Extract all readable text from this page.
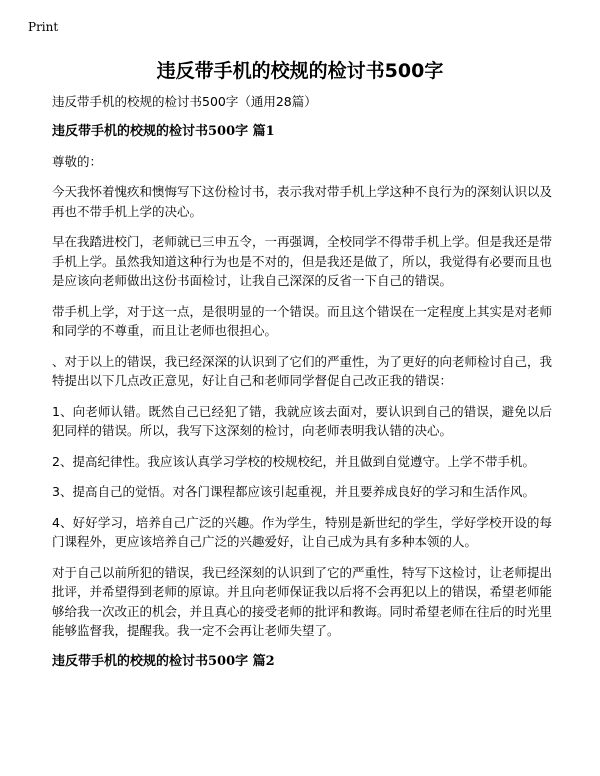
Print
违反带手机的校规的检讨书500字

违反带手机的校规的检讨书500字（通用28篇）

违反带手机的校规的检讨书500字 篇1

尊敬的：

今天我怀着愧疚和懊悔写下这份检讨书，表示我对带手机上学这种不良行为的深刻认识以及再也不带手机上学的决心。

早在我踏进校门，老师就已三申五令，一再强调，全校同学不得带手机上学。但是我还是带手机上学。虽然我知道这种行为也是不对的，但是我还是做了，所以，我觉得有必要而且也是应该向老师做出这份书面检讨，让我自己深深的反省一下自己的错误。

带手机上学，对于这一点，是很明显的一个错误。而且这个错误在一定程度上其实是对老师和同学的不尊重，而且让老师也很担心。

、对于以上的错误，我已经深深的认识到了它们的严重性，为了更好的向老师检讨自己，我特提出以下几点改正意见，好让自己和老师同学督促自己改正我的错误：

1、向老师认错。既然自己已经犯了错，我就应该去面对，要认识到自己的错误，避免以后犯同样的错误。所以，我写下这深刻的检讨，向老师表明我认错的决心。

2、提高纪律性。我应该认真学习学校的校规校纪，并且做到自觉遵守。上学不带手机。

3、提高自己的觉悟。对各门课程都应该引起重视，并且要养成良好的学习和生活作风。

4、好好学习，培养自己广泛的兴趣。作为学生，特别是新世纪的学生，学好学校开设的每门课程外，更应该培养自己广泛的兴趣爱好，让自己成为具有多种本领的人。

对于自己以前所犯的错误，我已经深刻的认识到了它的严重性，特写下这检讨，让老师提出批评，并希望得到老师的原谅。并且向老师保证我以后将不会再犯以上的错误，希望老师能够给我一次改正的机会，并且真心的接受老师的批评和教诲。同时希望老师在往后的时光里能够监督我，提醒我。我一定不会再让老师失望了。

违反带手机的校规的检讨书500字 篇2
